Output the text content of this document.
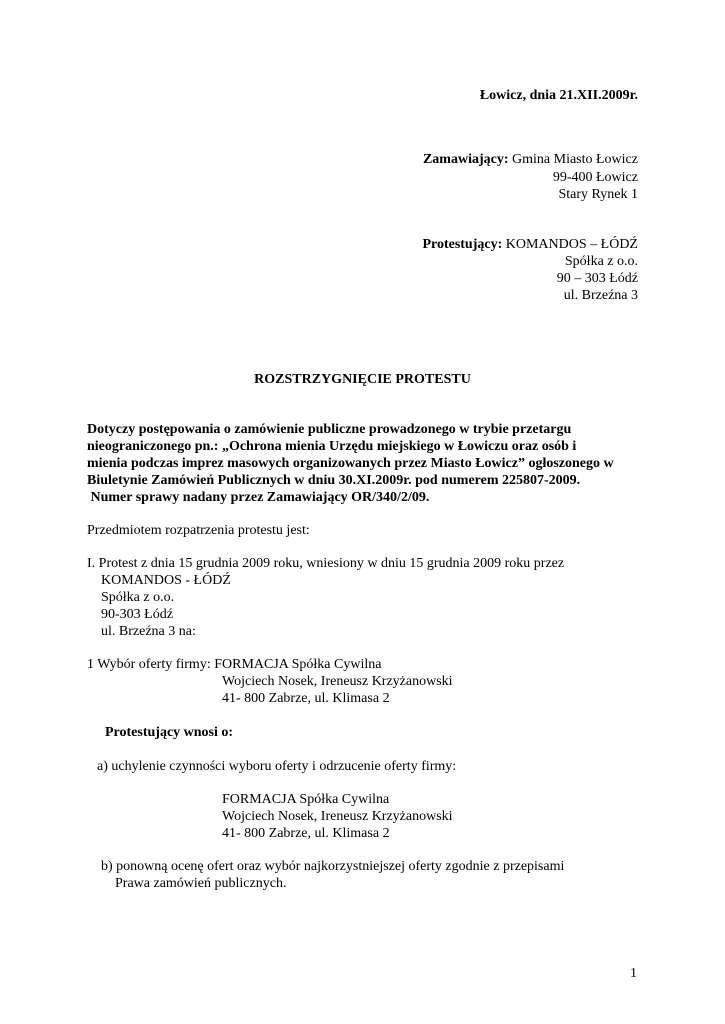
Łowicz, dnia 21.XII.2009r.
Zamawiający: Gmina Miasto Łowicz
99-400 Łowicz
Stary Rynek 1
Protestujący: KOMANDOS – ŁÓDŹ
Spółka z o.o.
90 – 303 Łódź
ul. Brzeźna 3
ROZSTRZYGNIĘCIE PROTESTU
Dotyczy postępowania o zamówienie publiczne prowadzonego w trybie przetargu
nieograniczonego pn.: „Ochrona mienia Urzędu miejskiego w Łowiczu oraz osób i
mienia podczas imprez masowych organizowanych przez Miasto Łowicz” ogłoszonego w
Biuletynie Zamówień Publicznych w dniu 30.XI.2009r. pod numerem 225807-2009.
Numer sprawy nadany przez Zamawiający OR/340/2/09.
Przedmiotem rozpatrzenia protestu jest:
I. Protest z dnia 15 grudnia 2009 roku, wniesiony w dniu 15 grudnia 2009 roku przez
KOMANDOS - ŁÓDŹ
Spółka z o.o.
90-303 Łódź
ul. Brzeźna 3 na:
1 Wybór oferty firmy: FORMACJA Spółka Cywilna
Wojciech Nosek, Ireneusz Krzyżanowski
41- 800 Zabrze, ul. Klimasa 2
Protestujący wnosi o:
a) uchylenie czynności wyboru oferty i odrzucenie oferty firmy:
FORMACJA Spółka Cywilna
Wojciech Nosek, Ireneusz Krzyżanowski
41- 800 Zabrze, ul. Klimasa 2
b) ponowną ocenę ofert oraz wybór najkorzystniejszej oferty zgodnie z przepisami
Prawa zamówień publicznych.
1
